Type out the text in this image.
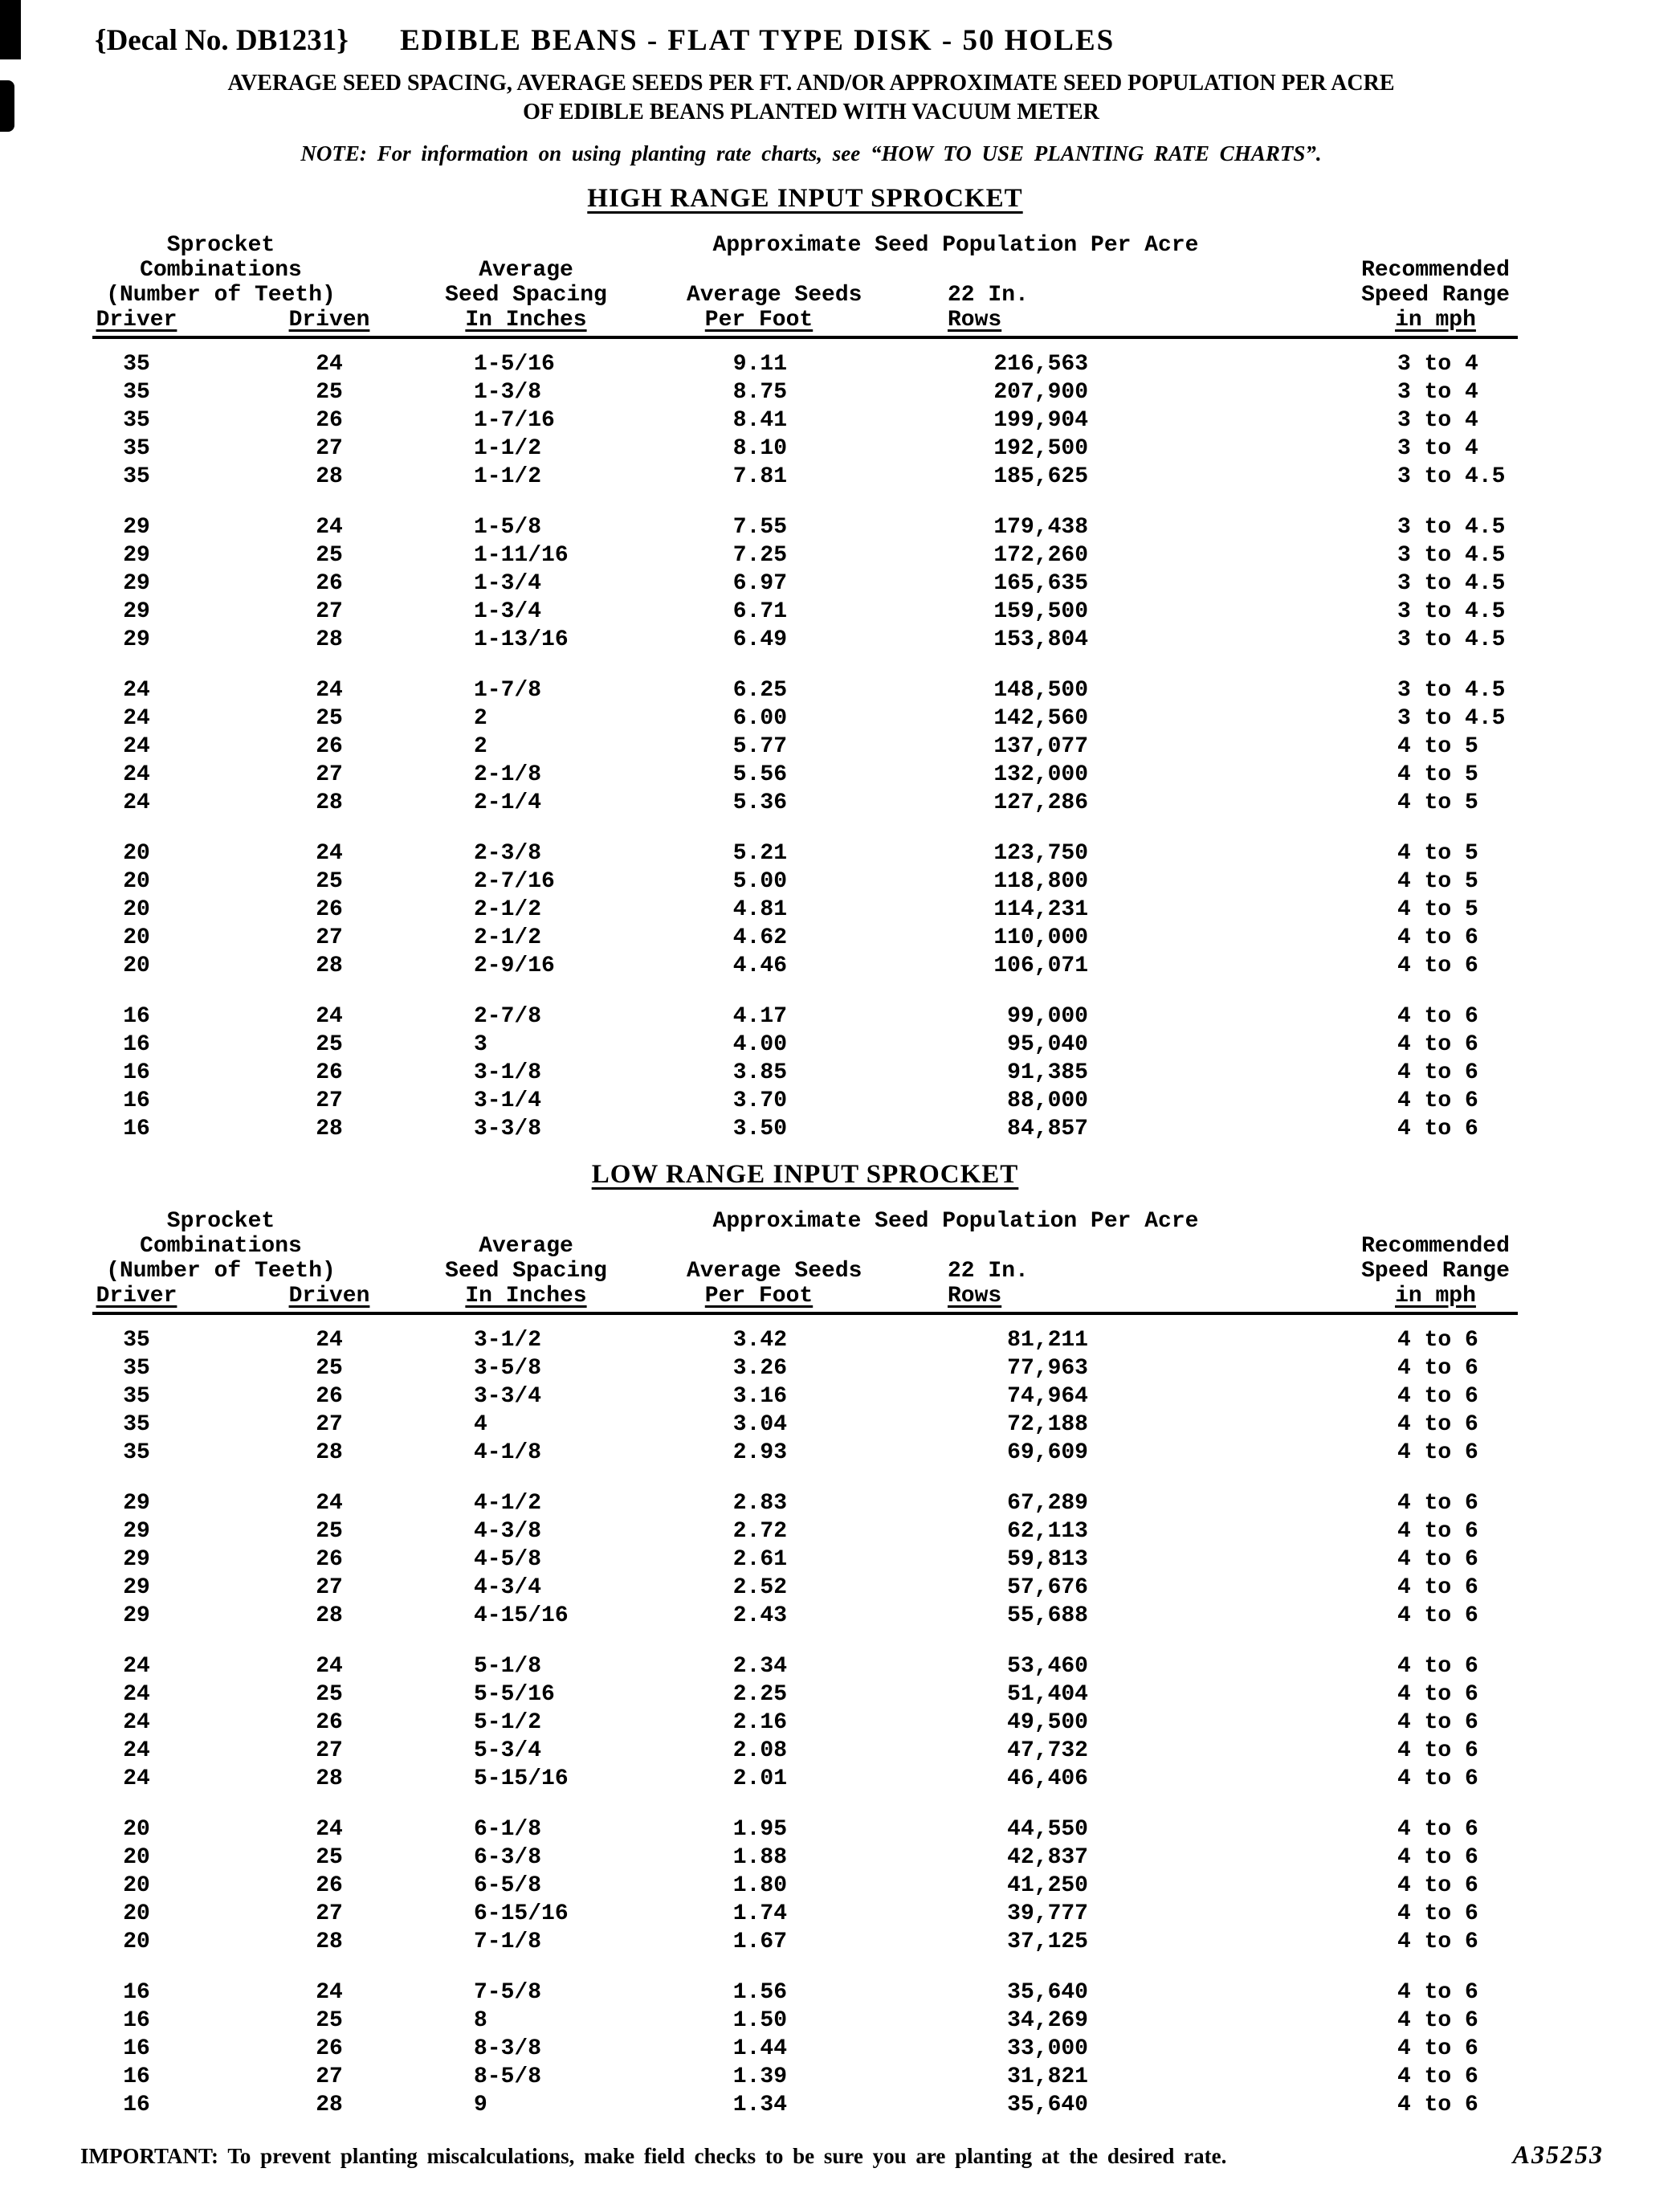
{Decal No. DB1231} EDIBLE BEANS - FLAT TYPE DISK - 50 HOLES
AVERAGE SEED SPACING, AVERAGE SEEDS PER FT. AND/OR APPROXIMATE SEED POPULATION PER ACRE
OF EDIBLE BEANS PLANTED WITH VACUUM METER
NOTE: For information on using planting rate charts, see “HOW TO USE PLANTING RATE CHARTS”.
HIGH RANGE INPUT SPROCKET
Sprocket	Approximate Seed Population Per Acre
Combinations	Average	Recommended
(Number of Teeth)	Seed Spacing	Average Seeds	22 In.	Speed Range
Driver	Driven	In Inches	Per Foot	Rows	in mph
35	24	1-5/16	9.11	216,563	3 to 4
35	25	1-3/8	8.75	207,900	3 to 4
35	26	1-7/16	8.41	199,904	3 to 4
35	27	1-1/2	8.10	192,500	3 to 4
35	28	1-1/2	7.81	185,625	3 to 4.5
29	24	1-5/8	7.55	179,438	3 to 4.5
29	25	1-11/16	7.25	172,260	3 to 4.5
29	26	1-3/4	6.97	165,635	3 to 4.5
29	27	1-3/4	6.71	159,500	3 to 4.5
29	28	1-13/16	6.49	153,804	3 to 4.5
24	24	1-7/8	6.25	148,500	3 to 4.5
24	25	2	6.00	142,560	3 to 4.5
24	26	2	5.77	137,077	4 to 5
24	27	2-1/8	5.56	132,000	4 to 5
24	28	2-1/4	5.36	127,286	4 to 5
20	24	2-3/8	5.21	123,750	4 to 5
20	25	2-7/16	5.00	118,800	4 to 5
20	26	2-1/2	4.81	114,231	4 to 5
20	27	2-1/2	4.62	110,000	4 to 6
20	28	2-9/16	4.46	106,071	4 to 6
16	24	2-7/8	4.17	99,000	4 to 6
16	25	3	4.00	95,040	4 to 6
16	26	3-1/8	3.85	91,385	4 to 6
16	27	3-1/4	3.70	88,000	4 to 6
16	28	3-3/8	3.50	84,857	4 to 6
LOW RANGE INPUT SPROCKET
Sprocket	Approximate Seed Population Per Acre
Combinations	Average	Recommended
(Number of Teeth)	Seed Spacing	Average Seeds	22 In.	Speed Range
Driver	Driven	In Inches	Per Foot	Rows	in mph
35	24	3-1/2	3.42	81,211	4 to 6
35	25	3-5/8	3.26	77,963	4 to 6
35	26	3-3/4	3.16	74,964	4 to 6
35	27	4	3.04	72,188	4 to 6
35	28	4-1/8	2.93	69,609	4 to 6
29	24	4-1/2	2.83	67,289	4 to 6
29	25	4-3/8	2.72	62,113	4 to 6
29	26	4-5/8	2.61	59,813	4 to 6
29	27	4-3/4	2.52	57,676	4 to 6
29	28	4-15/16	2.43	55,688	4 to 6
24	24	5-1/8	2.34	53,460	4 to 6
24	25	5-5/16	2.25	51,404	4 to 6
24	26	5-1/2	2.16	49,500	4 to 6
24	27	5-3/4	2.08	47,732	4 to 6
24	28	5-15/16	2.01	46,406	4 to 6
20	24	6-1/8	1.95	44,550	4 to 6
20	25	6-3/8	1.88	42,837	4 to 6
20	26	6-5/8	1.80	41,250	4 to 6
20	27	6-15/16	1.74	39,777	4 to 6
20	28	7-1/8	1.67	37,125	4 to 6
16	24	7-5/8	1.56	35,640	4 to 6
16	25	8	1.50	34,269	4 to 6
16	26	8-3/8	1.44	33,000	4 to 6
16	27	8-5/8	1.39	31,821	4 to 6
16	28	9	1.34	35,640	4 to 6
IMPORTANT: To prevent planting miscalculations, make field checks to be sure you are planting at the desired rate.	A35253
